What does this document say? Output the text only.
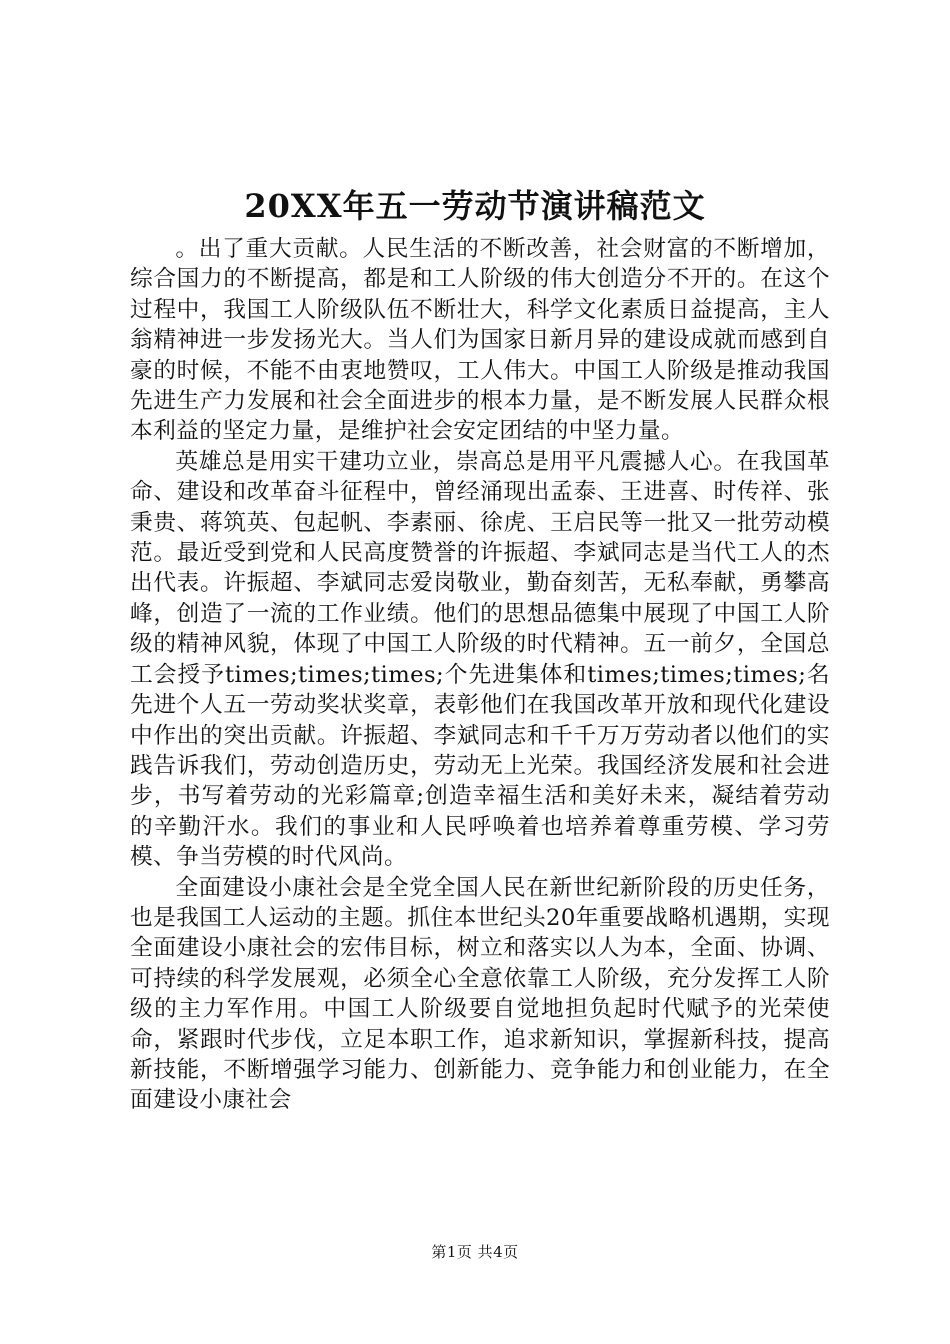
20XX年五一劳动节演讲稿范文

。出了重大贡献。人民生活的不断改善，社会财富的不断增加，综合国力的不断提高，都是和工人阶级的伟大创造分不开的。在这个过程中，我国工人阶级队伍不断壮大，科学文化素质日益提高，主人翁精神进一步发扬光大。当人们为国家日新月异的建设成就而感到自豪的时候，不能不由衷地赞叹，工人伟大。中国工人阶级是推动我国先进生产力发展和社会全面进步的根本力量，是不断发展人民群众根本利益的坚定力量，是维护社会安定团结的中坚力量。

英雄总是用实干建功立业，崇高总是用平凡震撼人心。在我国革命、建设和改革奋斗征程中，曾经涌现出孟泰、王进喜、时传祥、张秉贵、蒋筑英、包起帆、李素丽、徐虎、王启民等一批又一批劳动模范。最近受到党和人民高度赞誉的许振超、李斌同志是当代工人的杰出代表。许振超、李斌同志爱岗敬业，勤奋刻苦，无私奉献，勇攀高峰，创造了一流的工作业绩。他们的思想品德集中展现了中国工人阶级的精神风貌，体现了中国工人阶级的时代精神。五一前夕，全国总工会授予times;times;times;个先进集体和times;times;times;名先进个人五一劳动奖状奖章，表彰他们在我国改革开放和现代化建设中作出的突出贡献。许振超、李斌同志和千千万万劳动者以他们的实践告诉我们，劳动创造历史，劳动无上光荣。我国经济发展和社会进步，书写着劳动的光彩篇章;创造幸福生活和美好未来，凝结着劳动的辛勤汗水。我们的事业和人民呼唤着也培养着尊重劳模、学习劳模、争当劳模的时代风尚。

全面建设小康社会是全党全国人民在新世纪新阶段的历史任务，也是我国工人运动的主题。抓住本世纪头20年重要战略机遇期，实现全面建设小康社会的宏伟目标，树立和落实以人为本，全面、协调、可持续的科学发展观，必须全心全意依靠工人阶级，充分发挥工人阶级的主力军作用。中国工人阶级要自觉地担负起时代赋予的光荣使命，紧跟时代步伐，立足本职工作，追求新知识，掌握新科技，提高新技能，不断增强学习能力、创新能力、竞争能力和创业能力，在全面建设小康社会

第1页 共4页
